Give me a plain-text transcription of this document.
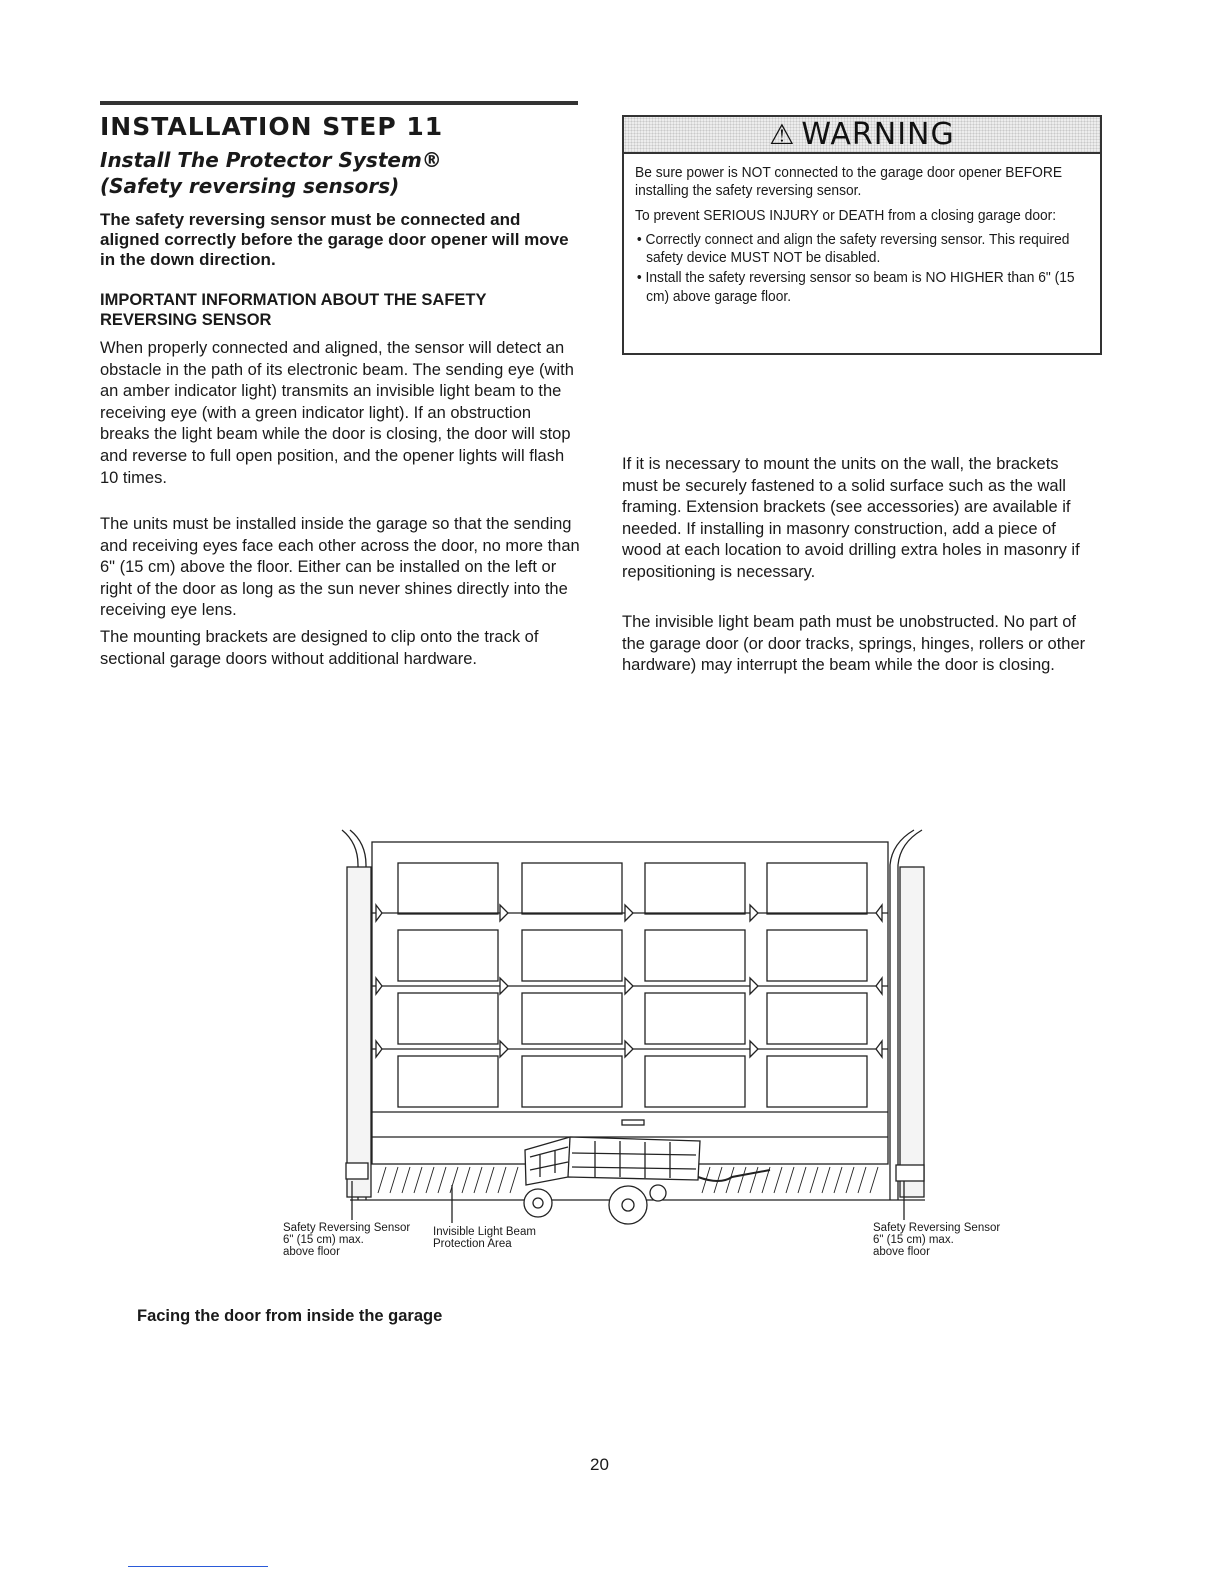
INSTALLATION STEP 11
Install The Protector System®
(Safety reversing sensors)
The safety reversing sensor must be connected and aligned correctly before the garage door opener will move in the down direction.
IMPORTANT INFORMATION ABOUT THE SAFETY REVERSING SENSOR

When properly connected and aligned, the sensor will detect an obstacle in the path of its electronic beam. The sending eye (with an amber indicator light) transmits an invisible light beam to the receiving eye (with a green indicator light). If an obstruction breaks the light beam while the door is closing, the door will stop and reverse to full open position, and the opener lights will flash 10 times.

The units must be installed inside the garage so that the sending and receiving eyes face each other across the door, no more than 6" (15 cm) above the floor. Either can be installed on the left or right of the door as long as the sun never shines directly into the receiving eye lens.

The mounting brackets are designed to clip onto the track of sectional garage doors without additional hardware.

⚠ WARNING

Be sure power is NOT connected to the garage door opener BEFORE installing the safety reversing sensor.

To prevent SERIOUS INJURY or DEATH from a closing garage door:

• Correctly connect and align the safety reversing sensor. This required safety device MUST NOT be disabled.

• Install the safety reversing sensor so beam is NO HIGHER than 6" (15 cm) above garage floor.

If it is necessary to mount the units on the wall, the brackets must be securely fastened to a solid surface such as the wall framing. Extension brackets (see accessories) are available if needed. If installing in masonry construction, add a piece of wood at each location to avoid drilling extra holes in masonry if repositioning is necessary.

The invisible light beam path must be unobstructed. No part of the garage door (or door tracks, springs, hinges, rollers or other hardware) may interrupt the beam while the door is closing.

Safety Reversing Sensor
6" (15 cm) max.
above floor
Invisible Light Beam
Protection Area
Safety Reversing Sensor
6" (15 cm) max.
above floor
Facing the door from inside the garage
20
